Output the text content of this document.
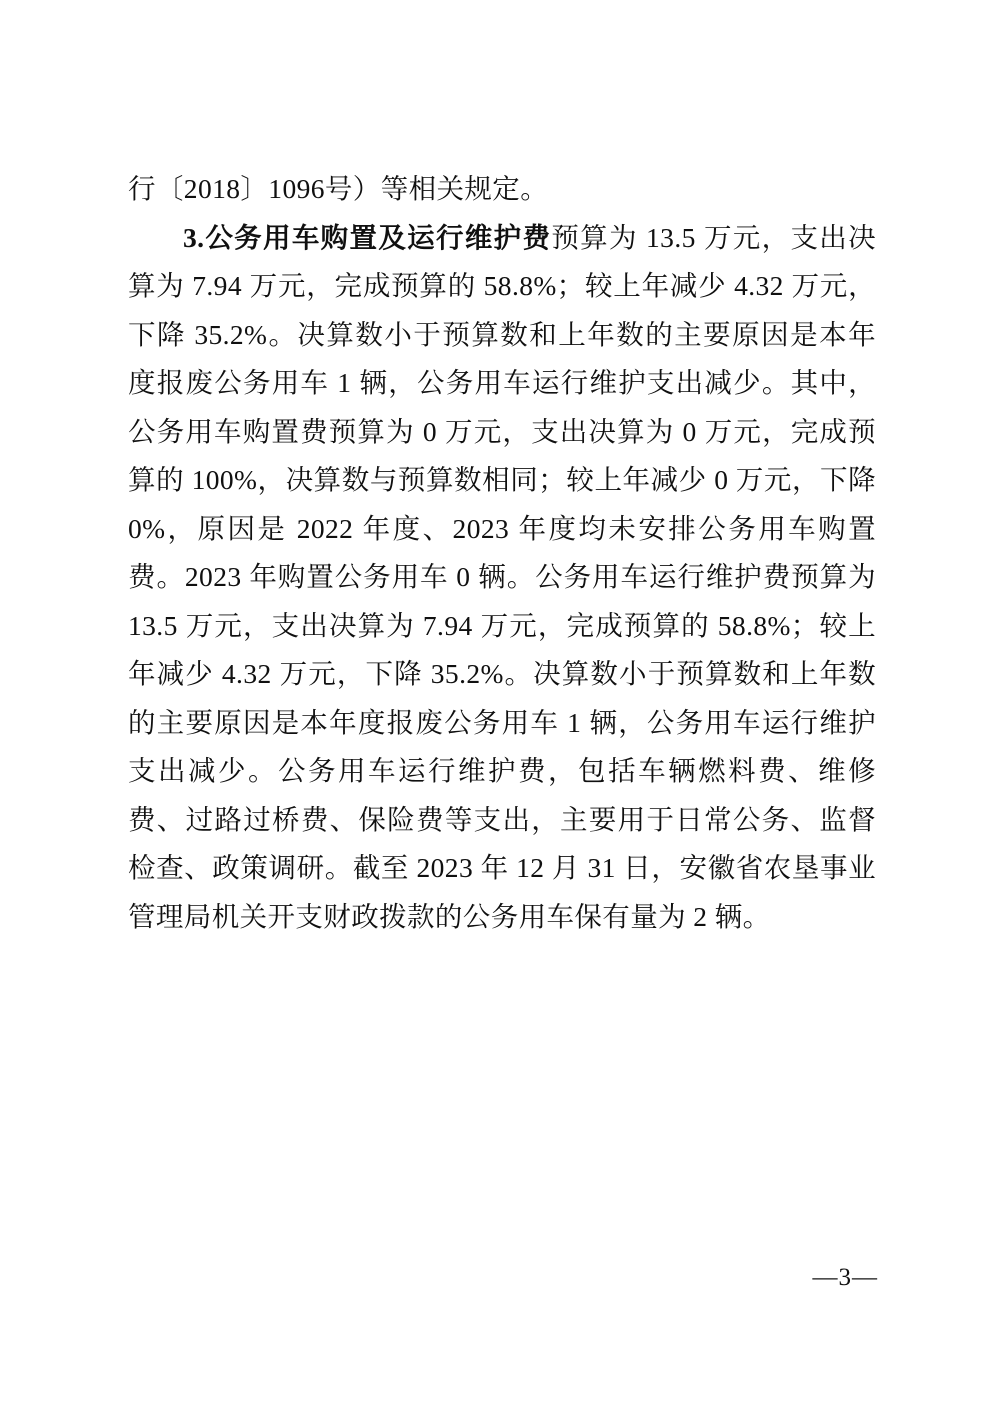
行〔2018〕1096号）等相关规定。

3.公务用车购置及运行维护费预算为 13.5 万元，支出决算为 7.94 万元，完成预算的 58.8%；较上年减少 4.32 万元，下降 35.2%。决算数小于预算数和上年数的主要原因是本年度报废公务用车 1 辆，公务用车运行维护支出减少。其中，公务用车购置费预算为 0 万元，支出决算为 0 万元，完成预算的 100%，决算数与预算数相同；较上年减少 0 万元，下降 0%，原因是 2022 年度、2023 年度均未安排公务用车购置费。2023 年购置公务用车 0 辆。公务用车运行维护费预算为 13.5 万元，支出决算为 7.94 万元，完成预算的 58.8%；较上年减少 4.32 万元，下降 35.2%。决算数小于预算数和上年数的主要原因是本年度报废公务用车 1 辆，公务用车运行维护支出减少。公务用车运行维护费，包括车辆燃料费、维修费、过路过桥费、保险费等支出，主要用于日常公务、监督检查、政策调研。截至 2023 年 12 月 31 日，安徽省农垦事业管理局机关开支财政拨款的公务用车保有量为 2 辆。

—3—
